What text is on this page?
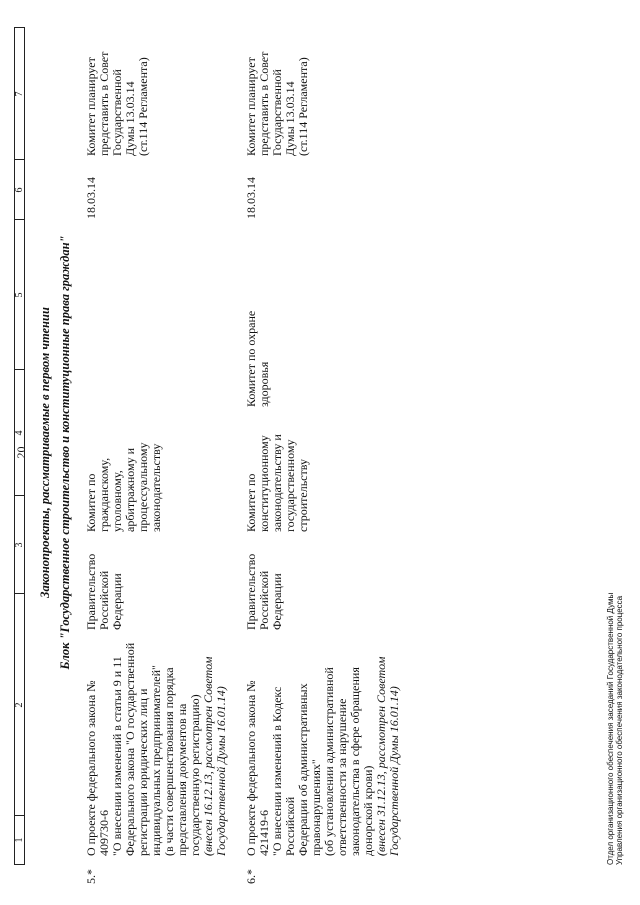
20
1
2
3
4
5
6
7
Законопроекты, рассматриваемые в первом чтении Блок "Государственное строительство и конституционные права граждан"
5.*
О проекте федерального закона № 409730-6 "О внесении изменений в статьи 9 и 11 Федерального закона "О государственной регистрации юридических лиц и индивидуальных предпринимателей" (в части совершенствования порядка представления документов на государственную регистрацию) (внесен 16.12.13, рассмотрен Советом Государственной Думы 16.01.14)
Правительство Российской Федерации
Комитет по гражданскому, уголовному, арбитражному и процессуальному законодательству
18.03.14
Комитет планирует представить в Совет Государственной Думы 13.03.14 (ст.114 Регламента)
6.*
О проекте федерального закона № 421419-6 "О внесении изменений в Кодекс Российской Федерации об административных правонарушениях" (об установлении административной ответственности за нарушение законодательства в сфере обращения донорской крови) (внесен 31.12.13, рассмотрен Советом Государственной Думы 16.01.14)
Правительство Российской Федерации
Комитет по конституционному законодательству и государственному строительству
Комитет по охране здоровья
18.03.14
Комитет планирует представить в Совет Государственной Думы 13.03.14 (ст.114 Регламента)
Отдел организационного обеспечения заседаний Государственной Думы Управления организационного обеспечения законодательного процесса
